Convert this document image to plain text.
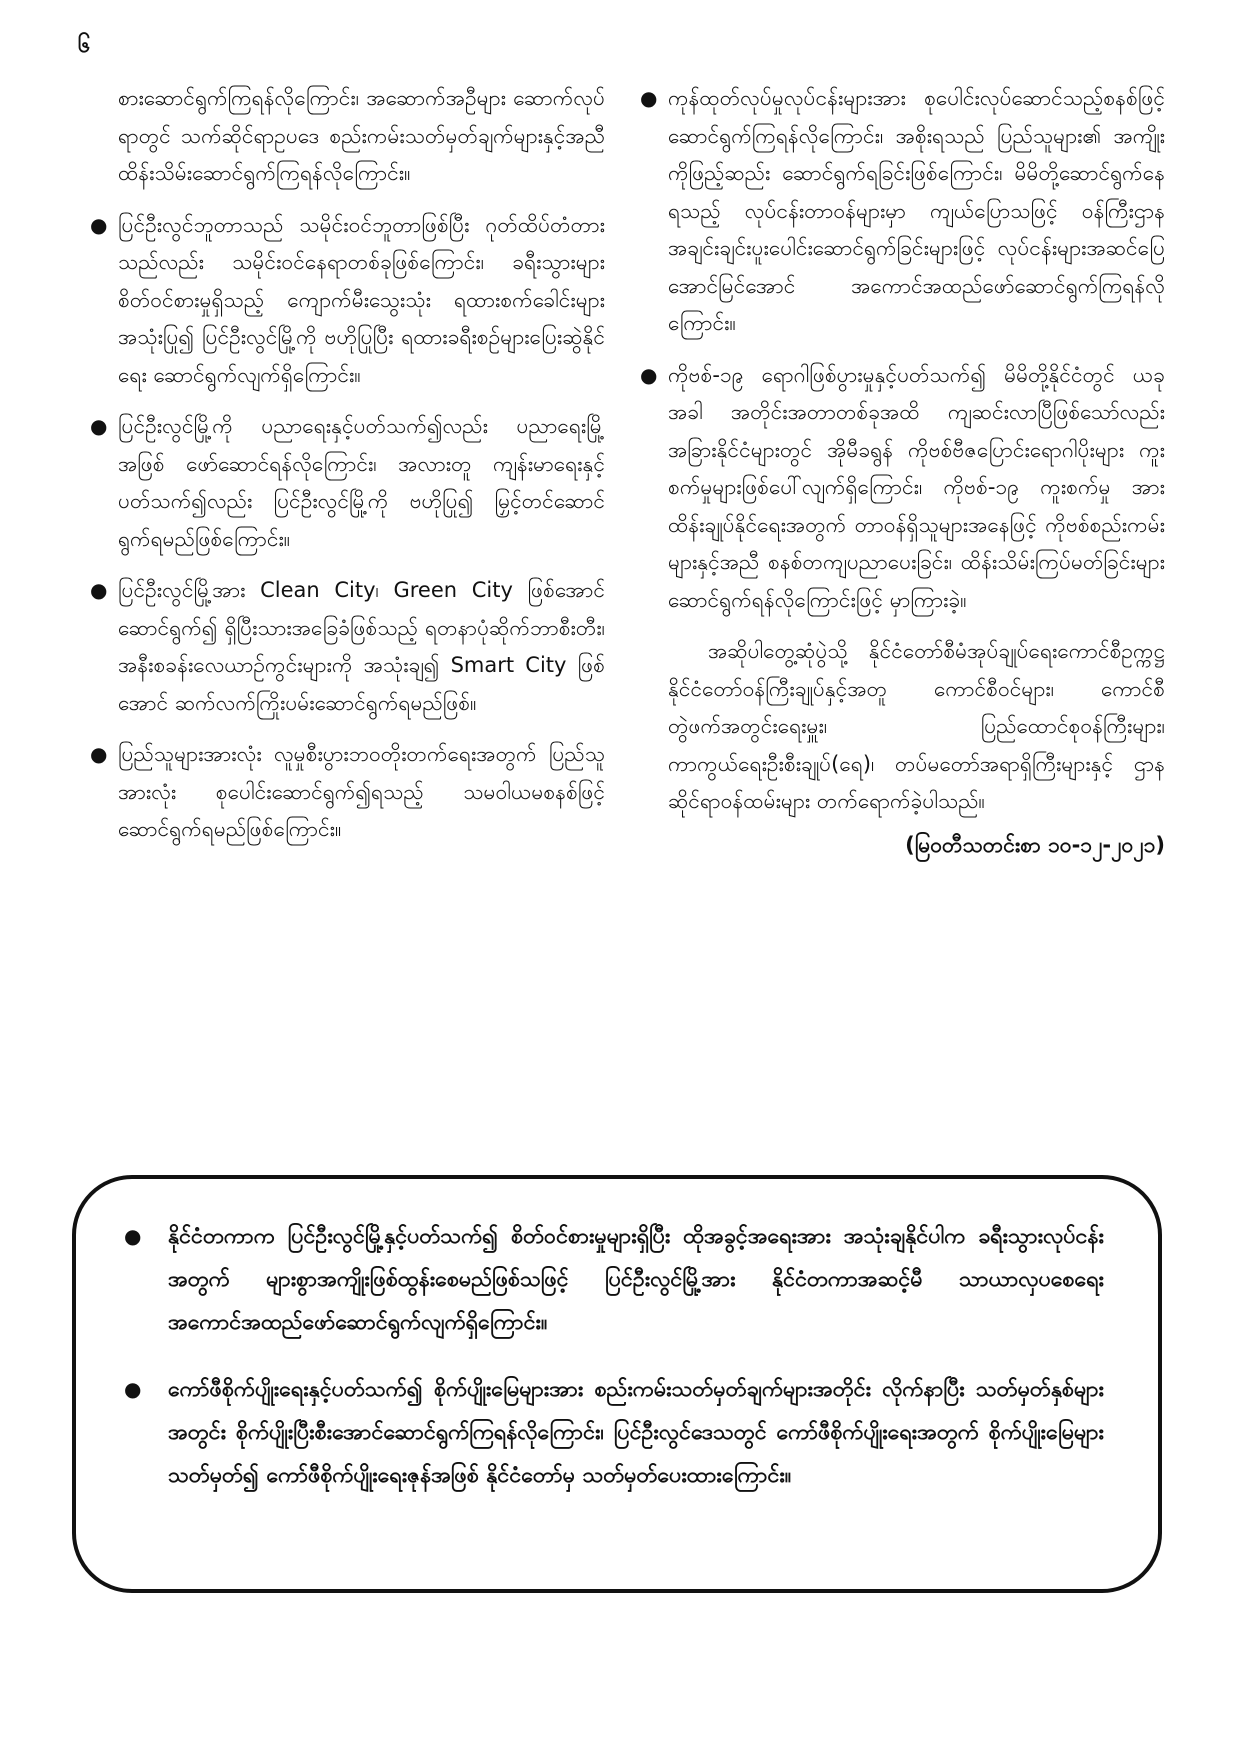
၆

စားဆောင်ရွက်ကြရန်လိုကြောင်း၊ အဆောက်အဦများ ဆောက်လုပ်ရာတွင် သက်ဆိုင်ရာဥပဒေ စည်းကမ်းသတ်မှတ်ချက်များနှင့်အညီ ထိန်းသိမ်းဆောင်ရွက်ကြရန်လိုကြောင်း။

● ပြင်ဦးလွင်ဘူတာသည် သမိုင်းဝင်ဘူတာဖြစ်ပြီး ဂုတ်ထိပ်တံတားသည်လည်း သမိုင်းဝင်နေရာတစ်ခုဖြစ်ကြောင်း၊ ခရီးသွားများ စိတ်ဝင်စားမှုရှိသည့် ကျောက်မီးသွေးသုံး ရထားစက်ခေါင်းများ အသုံးပြု၍ ပြင်ဦးလွင်မြို့ကို ဗဟိုပြုပြီး ရထားခရီးစဉ်များပြေးဆွဲနိုင်ရေး ဆောင်ရွက်လျက်ရှိကြောင်း။
● ပြင်ဦးလွင်မြို့ကို ပညာရေးနှင့်ပတ်သက်၍လည်း ပညာရေးမြို့အဖြစ် ဖော်ဆောင်ရန်လိုကြောင်း၊ အလားတူ ကျန်းမာရေးနှင့်ပတ်သက်၍လည်း ပြင်ဦးလွင်မြို့ကို ဗဟိုပြု၍ မြှင့်တင်ဆောင်ရွက်ရမည်ဖြစ်ကြောင်း။
● ပြင်ဦးလွင်မြို့အား Clean City၊ Green City ဖြစ်အောင်ဆောင်ရွက်၍ ရှိပြီးသားအခြေခံဖြစ်သည့် ရတနာပုံဆိုက်ဘာစီးတီး၊ အနီးစခန်းလေယာဉ်ကွင်းများကို အသုံးချ၍ Smart City ဖြစ်အောင် ဆက်လက်ကြိုးပမ်းဆောင်ရွက်ရမည်ဖြစ်။
● ပြည်သူများအားလုံး လူမှုစီးပွားဘဝတိုးတက်ရေးအတွက် ပြည်သူအားလုံး စုပေါင်းဆောင်ရွက်၍ရသည့် သမဝါယမစနစ်ဖြင့် ဆောင်ရွက်ရမည်ဖြစ်ကြောင်း။
● ကုန်ထုတ်လုပ်မှုလုပ်ငန်းများအား စုပေါင်းလုပ်ဆောင်သည့်စနစ်ဖြင့် ဆောင်ရွက်ကြရန်လိုကြောင်း၊ အစိုးရသည် ပြည်သူများ၏ အကျိုးကိုဖြည့်ဆည်း ဆောင်ရွက်ရခြင်းဖြစ်ကြောင်း၊ မိမိတို့ဆောင်ရွက်နေရသည့် လုပ်ငန်းတာဝန်များမှာ ကျယ်ပြောသဖြင့် ဝန်ကြီးဌာနအချင်းချင်းပူးပေါင်းဆောင်ရွက်ခြင်းများဖြင့် လုပ်ငန်းများအဆင်ပြေအောင်မြင်အောင် အကောင်အထည်ဖော်ဆောင်ရွက်ကြရန်လိုကြောင်း။
● ကိုဗစ်-၁၉ ရောဂါဖြစ်ပွားမှုနှင့်ပတ်သက်၍ မိမိတို့နိုင်ငံတွင် ယခုအခါ အတိုင်းအတာတစ်ခုအထိ ကျဆင်းလာပြီဖြစ်သော်လည်း အခြားနိုင်ငံများတွင် အိုမီခရွန် ကိုဗစ်ဗီဇပြောင်းရောဂါပိုးများ ကူးစက်မှုများဖြစ်ပေါ်လျက်ရှိကြောင်း၊ ကိုဗစ်-၁၉ ကူးစက်မှု အား ထိန်းချုပ်နိုင်ရေးအတွက် တာဝန်ရှိသူများအနေဖြင့် ကိုဗစ်စည်းကမ်းများနှင့်အညီ စနစ်တကျပညာပေးခြင်း၊ ထိန်းသိမ်းကြပ်မတ်ခြင်းများ ဆောင်ရွက်ရန်လိုကြောင်းဖြင့် မှာကြားခဲ့။

အဆိုပါတွေ့ဆုံပွဲသို့ နိုင်ငံတော်စီမံအုပ်ချုပ်ရေးကောင်စီဥက္ကဋ္ဌ နိုင်ငံတော်ဝန်ကြီးချုပ်နှင့်အတူ ကောင်စီဝင်များ၊ ကောင်စီတွဲဖက်အတွင်းရေးမှူး၊ ပြည်ထောင်စုဝန်ကြီးများ၊ ကာကွယ်ရေးဦးစီးချုပ်(ရေ)၊ တပ်မတော်အရာရှိကြီးများနှင့် ဌာနဆိုင်ရာဝန်ထမ်းများ တက်ရောက်ခဲ့ပါသည်။

(မြဝတီသတင်းစာ ၁၀-၁၂-၂၀၂၁)
● နိုင်ငံတကာက ပြင်ဦးလွင်မြို့နှင့်ပတ်သက်၍ စိတ်ဝင်စားမှုများရှိပြီး ထိုအခွင့်အရေးအား အသုံးချနိုင်ပါက ခရီးသွားလုပ်ငန်းအတွက် များစွာအကျိုးဖြစ်ထွန်းစေမည်ဖြစ်သဖြင့် ပြင်ဦးလွင်မြို့အား နိုင်ငံတကာအဆင့်မီ သာယာလှပစေရေး အကောင်အထည်ဖော်ဆောင်ရွက်လျက်ရှိကြောင်း။
● ကော်ဖီစိုက်ပျိုးရေးနှင့်ပတ်သက်၍ စိုက်ပျိုးမြေများအား စည်းကမ်းသတ်မှတ်ချက်များအတိုင်း လိုက်နာပြီး သတ်မှတ်နှစ်များအတွင်း စိုက်ပျိုးပြီးစီးအောင်ဆောင်ရွက်ကြရန်လိုကြောင်း၊ ပြင်ဦးလွင်ဒေသတွင် ကော်ဖီစိုက်ပျိုးရေးအတွက် စိုက်ပျိုးမြေများသတ်မှတ်၍ ကော်ဖီစိုက်ပျိုးရေးဇုန်အဖြစ် နိုင်ငံတော်မှ သတ်မှတ်ပေးထားကြောင်း။
